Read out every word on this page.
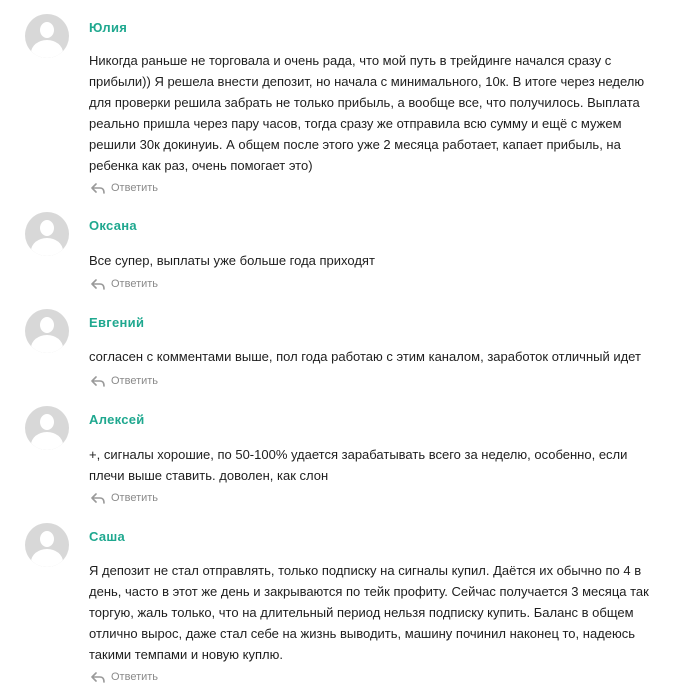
Юлия

Никогда раньше не торговала и очень рада, что мой путь в трейдинге начался сразу с
прибыли)) Я решела внести депозит, но начала с минимального, 10к. В итоге через неделю
для проверки решила забрать не только прибыль, а вообще все, что получилось. Выплата
реально пришла через пару часов, тогда сразу же отправила всю сумму и ещё с мужем
решили 30к докинуиь. А общем после этого уже 2 месяца работает, капает прибыль, на
ребенка как раз, очень помогает это)

Ответить
Оксана

Все супер, выплаты уже больше года приходят

Ответить
Евгений

согласен с комментами выше, пол года работаю с этим каналом, заработок отличный идет

Ответить
Алексей

+, сигналы хорошие, по 50-100% удается зарабатывать всего за неделю, особенно, если
плечи выше ставить. доволен, как слон

Ответить
Саша

Я депозит не стал отправлять, только подписку на сигналы купил. Даётся их обычно по 4 в
день, часто в этот же день и закрываются по тейк профиту. Сейчас получается 3 месяца так
торгую, жаль только, что на длительный период нельзя подписку купить. Баланс в общем
отлично вырос, даже стал себе на жизнь выводить, машину починил наконец то, надеюсь
такими темпами и новую куплю.

Ответить
